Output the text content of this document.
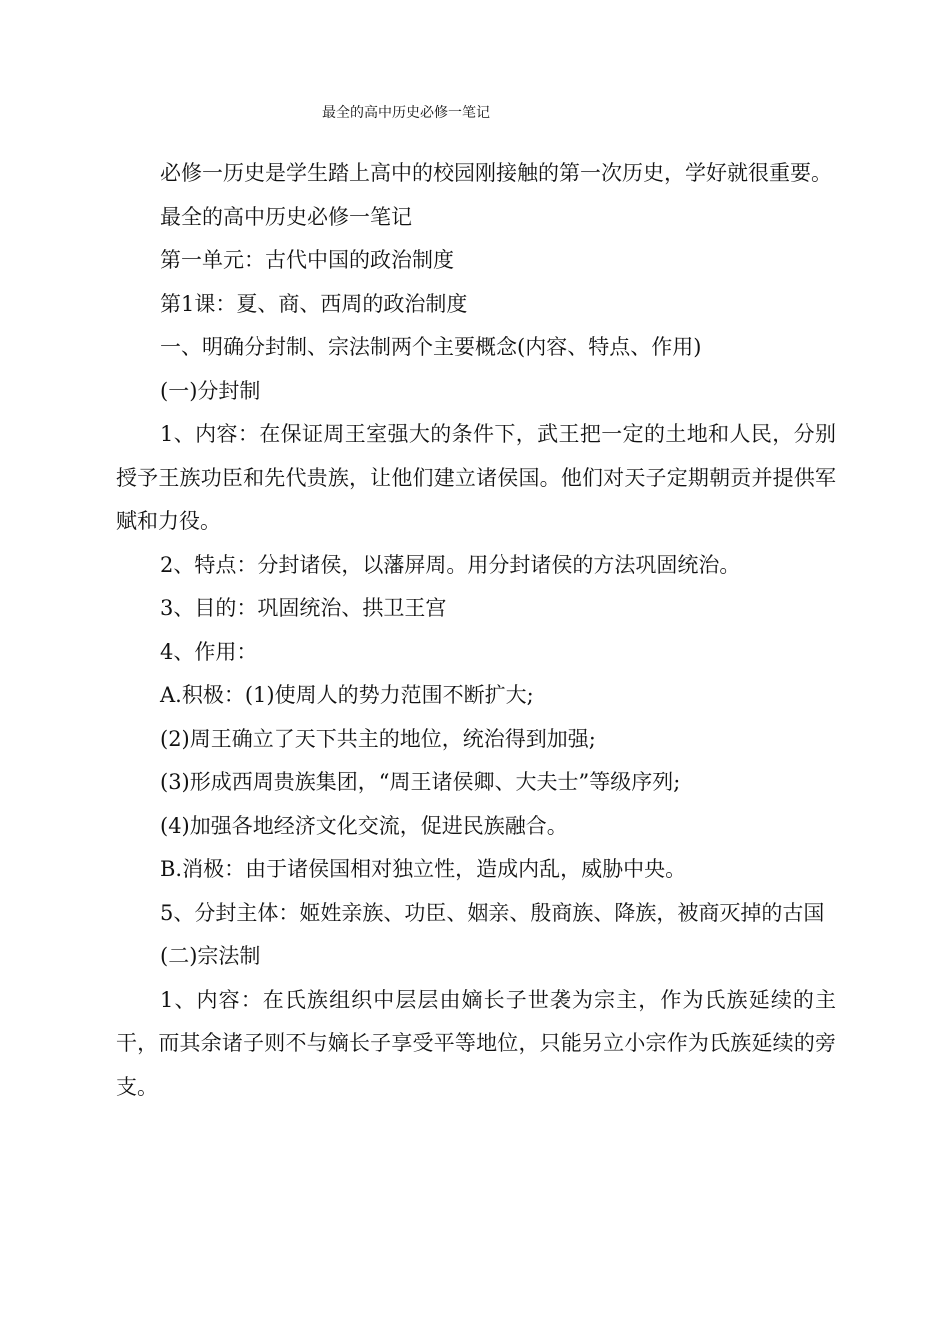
最全的高中历史必修一笔记

必修一历史是学生踏上高中的校园刚接触的第一次历史，学好就很重要。

最全的高中历史必修一笔记

第一单元：古代中国的政治制度

第1课：夏、商、西周的政治制度

一、明确分封制、宗法制两个主要概念(内容、特点、作用)

(一)分封制

1、内容：在保证周王室强大的条件下，武王把一定的土地和人民，分别授予王族功臣和先代贵族，让他们建立诸侯国。他们对天子定期朝贡并提供军赋和力役。

2、特点：分封诸侯，以藩屏周。用分封诸侯的方法巩固统治。

3、目的：巩固统治、拱卫王宫

4、作用：

A.积极：(1)使周人的势力范围不断扩大;

(2)周王确立了天下共主的地位，统治得到加强;

(3)形成西周贵族集团，“周王诸侯卿、大夫士”等级序列;

(4)加强各地经济文化交流，促进民族融合。

B.消极：由于诸侯国相对独立性，造成内乱，威胁中央。

5、分封主体：姬姓亲族、功臣、姻亲、殷商族、降族，被商灭掉的古国

(二)宗法制

1、内容：在氏族组织中层层由嫡长子世袭为宗主，作为氏族延续的主干，而其余诸子则不与嫡长子享受平等地位，只能另立小宗作为氏族延续的旁支。
